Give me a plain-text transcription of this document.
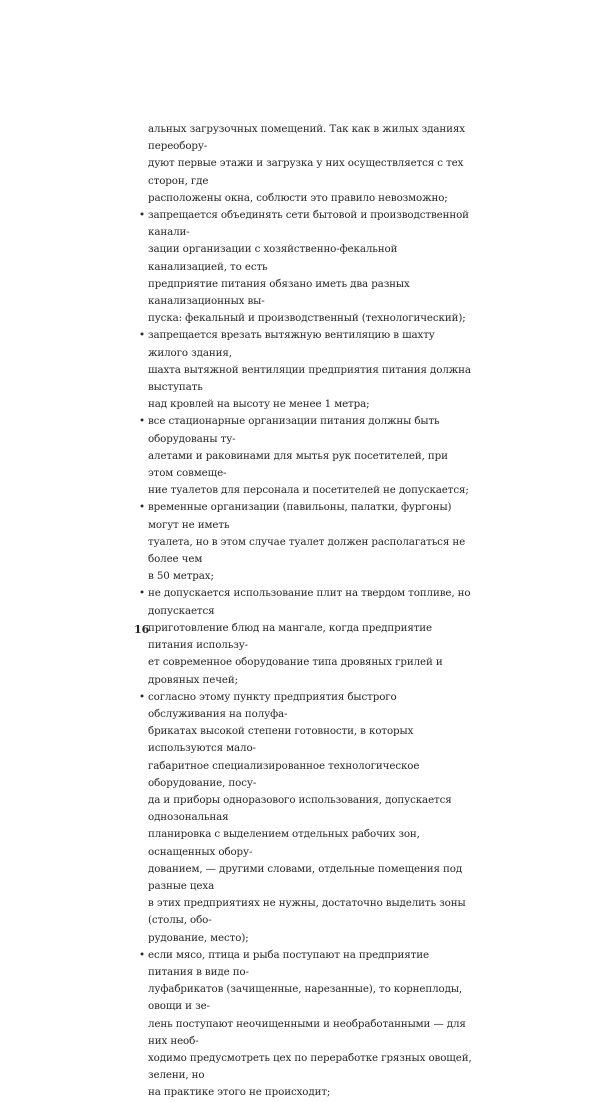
альных загрузочных помещений. Так как в жилых зданиях переобору-
дуют первые этажи и загрузка у них осуществляется с тех сторон, где
расположены окна, соблюсти это правило невозможно;
• запрещается объединять сети бытовой и производственной канали-
зации организации с хозяйственно-фекальной канализацией, то есть
предприятие питания обязано иметь два разных канализационных вы-
пуска: фекальный и производственный (технологический);
• запрещается врезать вытяжную вентиляцию в шахту жилого здания,
шахта вытяжной вентиляции предприятия питания должна выступать
над кровлей на высоту не менее 1 метра;
• все стационарные организации питания должны быть оборудованы ту-
алетами и раковинами для мытья рук посетителей, при этом совмеще-
ние туалетов для персонала и посетителей не допускается;
• временные организации (павильоны, палатки, фургоны) могут не иметь
туалета, но в этом случае туалет должен располагаться не более чем
в 50 метрах;
• не допускается использование плит на твердом топливе, но допускается
приготовление блюд на мангале, когда предприятие питания использу-
ет современное оборудование типа дровяных грилей и дровяных печей;
• согласно этому пункту предприятия быстрого обслуживания на полуфа-
брикатах высокой степени готовности, в которых используются мало-
габаритное специализированное технологическое оборудование, посу-
да и приборы одноразового использования, допускается однозональная
планировка с выделением отдельных рабочих зон, оснащенных обору-
дованием, — другими словами, отдельные помещения под разные цеха
в этих предприятиях не нужны, достаточно выделить зоны (столы, обо-
рудование, место);
• если мясо, птица и рыба поступают на предприятие питания в виде по-
луфабрикатов (зачищенные, нарезанные), то корнеплоды, овощи и зе-
лень поступают неочищенными и необработанными — для них необ-
ходимо предусмотреть цех по переработке грязных овощей, зелени, но
на практике этого не происходит;
16
